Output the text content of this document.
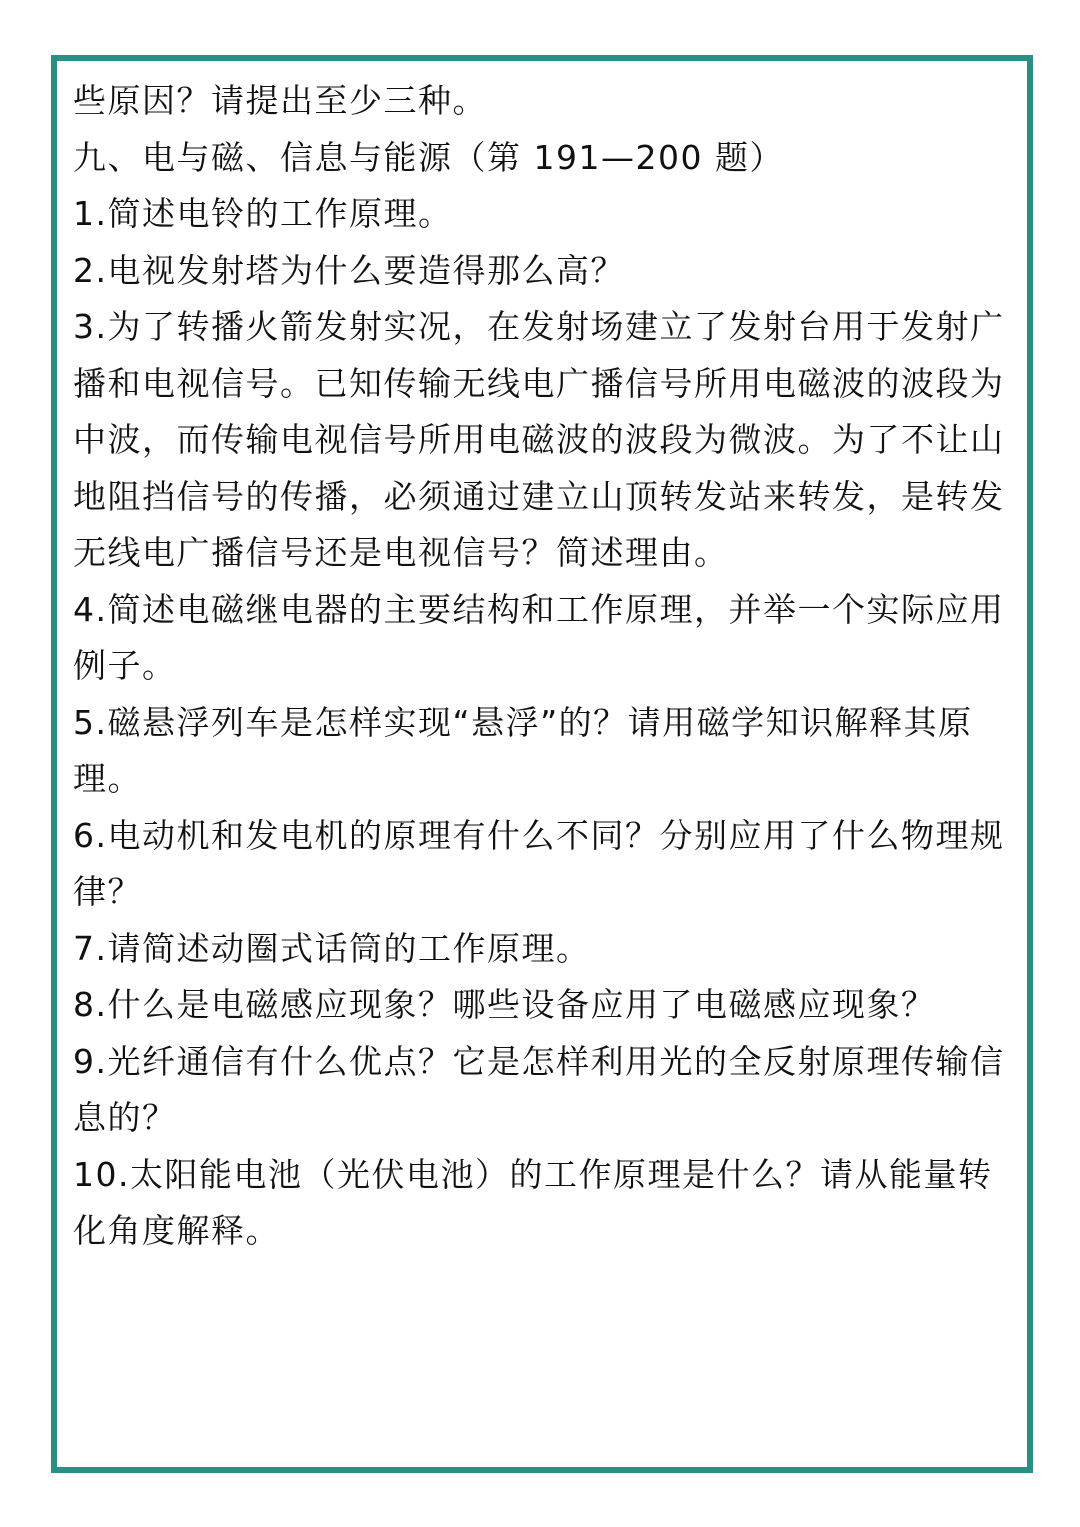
些原因？请提出至少三种。

九、电与磁、信息与能源（第 191—200 题）

1.简述电铃的工作原理。

2.电视发射塔为什么要造得那么高？

3.为了转播火箭发射实况，在发射场建立了发射台用于发射广播和电视信号。已知传输无线电广播信号所用电磁波的波段为中波，而传输电视信号所用电磁波的波段为微波。为了不让山地阻挡信号的传播，必须通过建立山顶转发站来转发，是转发无线电广播信号还是电视信号？简述理由。

4.简述电磁继电器的主要结构和工作原理，并举一个实际应用例子。

5.磁悬浮列车是怎样实现“悬浮”的？请用磁学知识解释其原理。

6.电动机和发电机的原理有什么不同？分别应用了什么物理规律？

7.请简述动圈式话筒的工作原理。

8.什么是电磁感应现象？哪些设备应用了电磁感应现象？

9.光纤通信有什么优点？它是怎样利用光的全反射原理传输信息的？

10.太阳能电池（光伏电池）的工作原理是什么？请从能量转化角度解释。
